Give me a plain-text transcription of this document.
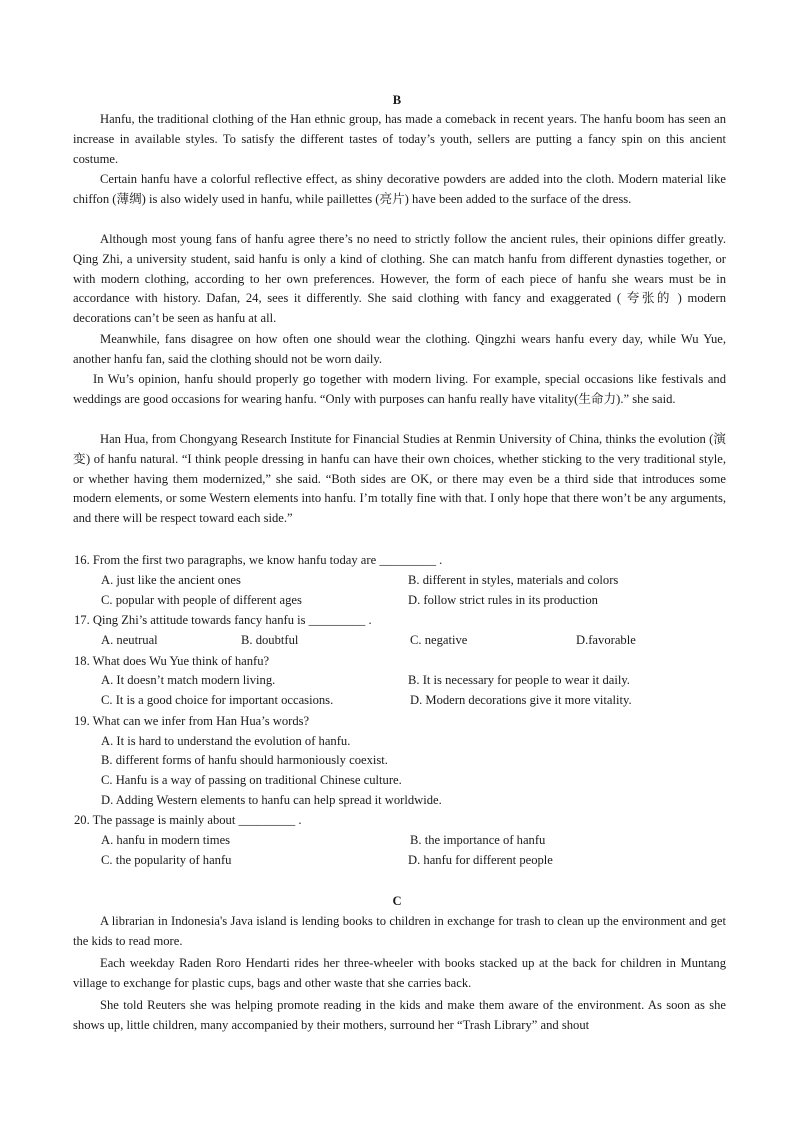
B

Hanfu, the traditional clothing of the Han ethnic group, has made a comeback in recent years. The hanfu boom has seen an increase in available styles. To satisfy the different tastes of today’s youth, sellers are putting a fancy spin on this ancient costume.

Certain hanfu have a colorful reflective effect, as shiny decorative powders are added into the cloth. Modern material like chiffon (薄绸) is also widely used in hanfu, while paillettes (亮片) have been added to the surface of the dress.

Although most young fans of hanfu agree there’s no need to strictly follow the ancient rules, their opinions differ greatly. Qing Zhi, a university student, said hanfu is only a kind of clothing. She can match hanfu from different dynasties together, or with modern clothing, according to her own preferences. However, the form of each piece of hanfu she wears must be in accordance with history. Dafan, 24, sees it differently. She said clothing with fancy and exaggerated ( 夸张的 ) modern decorations can’t be seen as hanfu at all.

Meanwhile, fans disagree on how often one should wear the clothing. Qingzhi wears hanfu every day, while Wu Yue, another hanfu fan, said the clothing should not be worn daily.

In Wu’s opinion, hanfu should properly go together with modern living. For example, special occasions like festivals and weddings are good occasions for wearing hanfu. “Only with purposes can hanfu really have vitality(生命力).” she said.

Han Hua, from Chongyang Research Institute for Financial Studies at Renmin University of China, thinks the evolution (演变) of hanfu natural. “I think people dressing in hanfu can have their own choices, whether sticking to the very traditional style, or whether having them modernized,” she said. “Both sides are OK, or there may even be a third side that introduces some modern elements, or some Western elements into hanfu. I’m totally fine with that. I only hope that there won’t be any arguments, and there will be respect toward each side.”

16. From the first two paragraphs, we know hanfu today are _________ .
A. just like the ancient ones	B. different in styles, materials and colors
C. popular with people of different ages	D. follow strict rules in its production
17. Qing Zhi’s attitude towards fancy hanfu is _________ .
A. neutrual	B. doubtful	C. negative	D.favorable
18. What does Wu Yue think of hanfu?
A. It doesn’t match modern living.	B. It is necessary for people to wear it daily.
C. It is a good choice for important occasions.	D. Modern decorations give it more vitality.
19. What can we infer from Han Hua’s words?
A. It is hard to understand the evolution of hanfu.
B. different forms of hanfu should harmoniously coexist.
C. Hanfu is a way of passing on traditional Chinese culture.
D. Adding Western elements to hanfu can help spread it worldwide.
20. The passage is mainly about _________ .
A. hanfu in modern times	B. the importance of hanfu
C. the popularity of hanfu	D. hanfu for different people
C

A librarian in Indonesia's Java island is lending books to children in exchange for trash to clean up the environment and get the kids to read more.

Each weekday Raden Roro Hendarti rides her three-wheeler with books stacked up at the back for children in Muntang village to exchange for plastic cups, bags and other waste that she carries back.

She told Reuters she was helping promote reading in the kids and make them aware of the environment. As soon as she shows up, little children, many accompanied by their mothers, surround her “Trash Library” and shout
